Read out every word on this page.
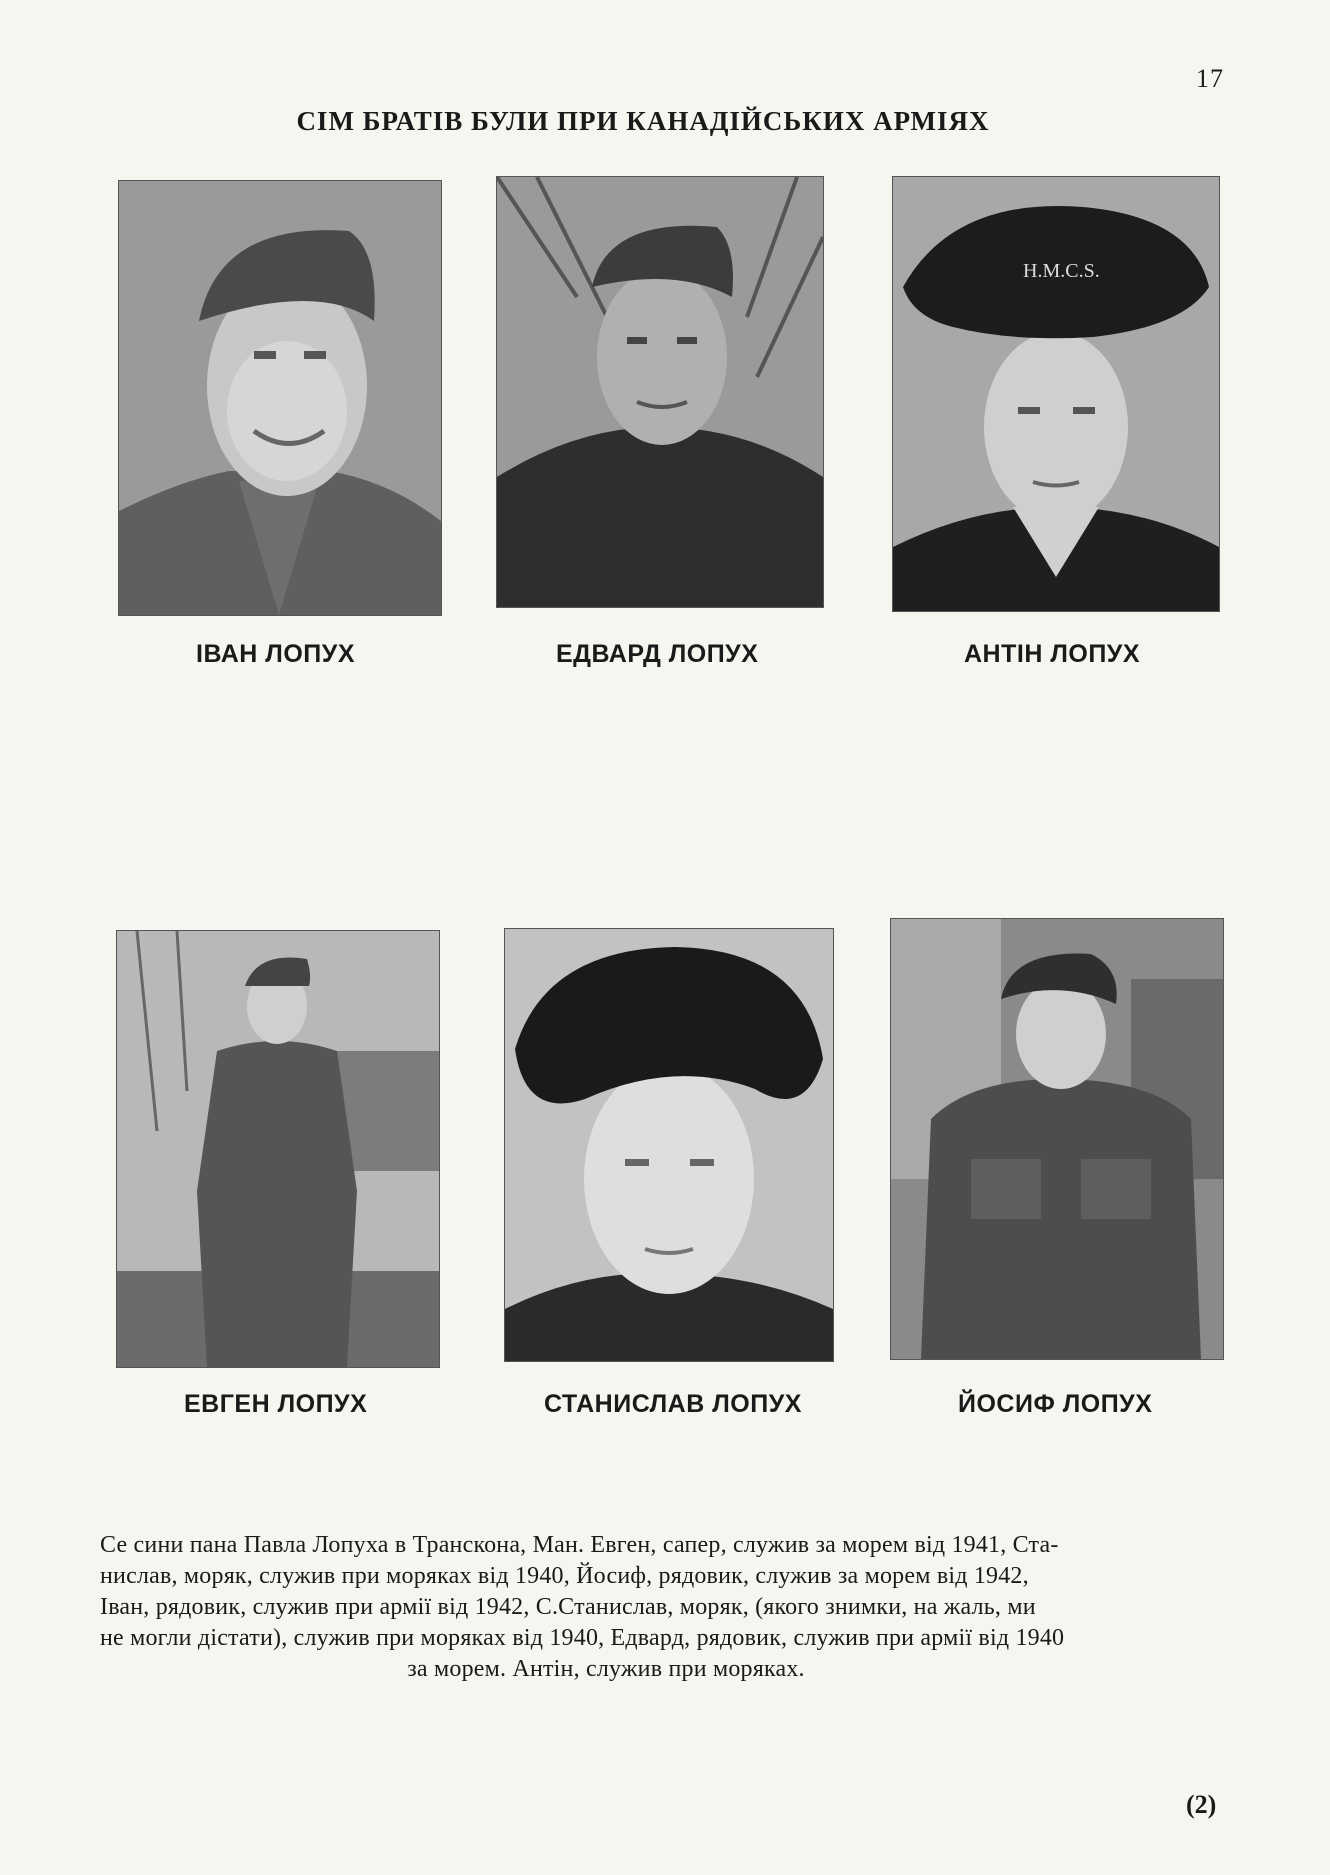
17
СІМ БРАТІВ БУЛИ ПРИ КАНАДІЙСЬКИХ АРМІЯХ
ІВАН ЛОПУХ	ЕДВАРД ЛОПУХ
H.M.C.S.
АНТІН ЛОПУХ
ЕВГЕН ЛОПУХ	СТАНИСЛАВ ЛОПУХ	ЙОСИФ ЛОПУХ
Се сини пана Павла Лопуха в Транскона, Ман. Евген, сапер, служив за морем від 1941, Ста-
нислав, моряк, служив при моряках від 1940, Йосиф, рядовик, служив за морем від 1942,
Іван, рядовик, служив при армії від 1942, С.Станислав, моряк, (якого знимки, на жаль, ми
не могли дістати), служив при моряках від 1940, Едвард, рядовик, служив при армії від 1940
за морем. Антін, служив при моряках.
(2)
